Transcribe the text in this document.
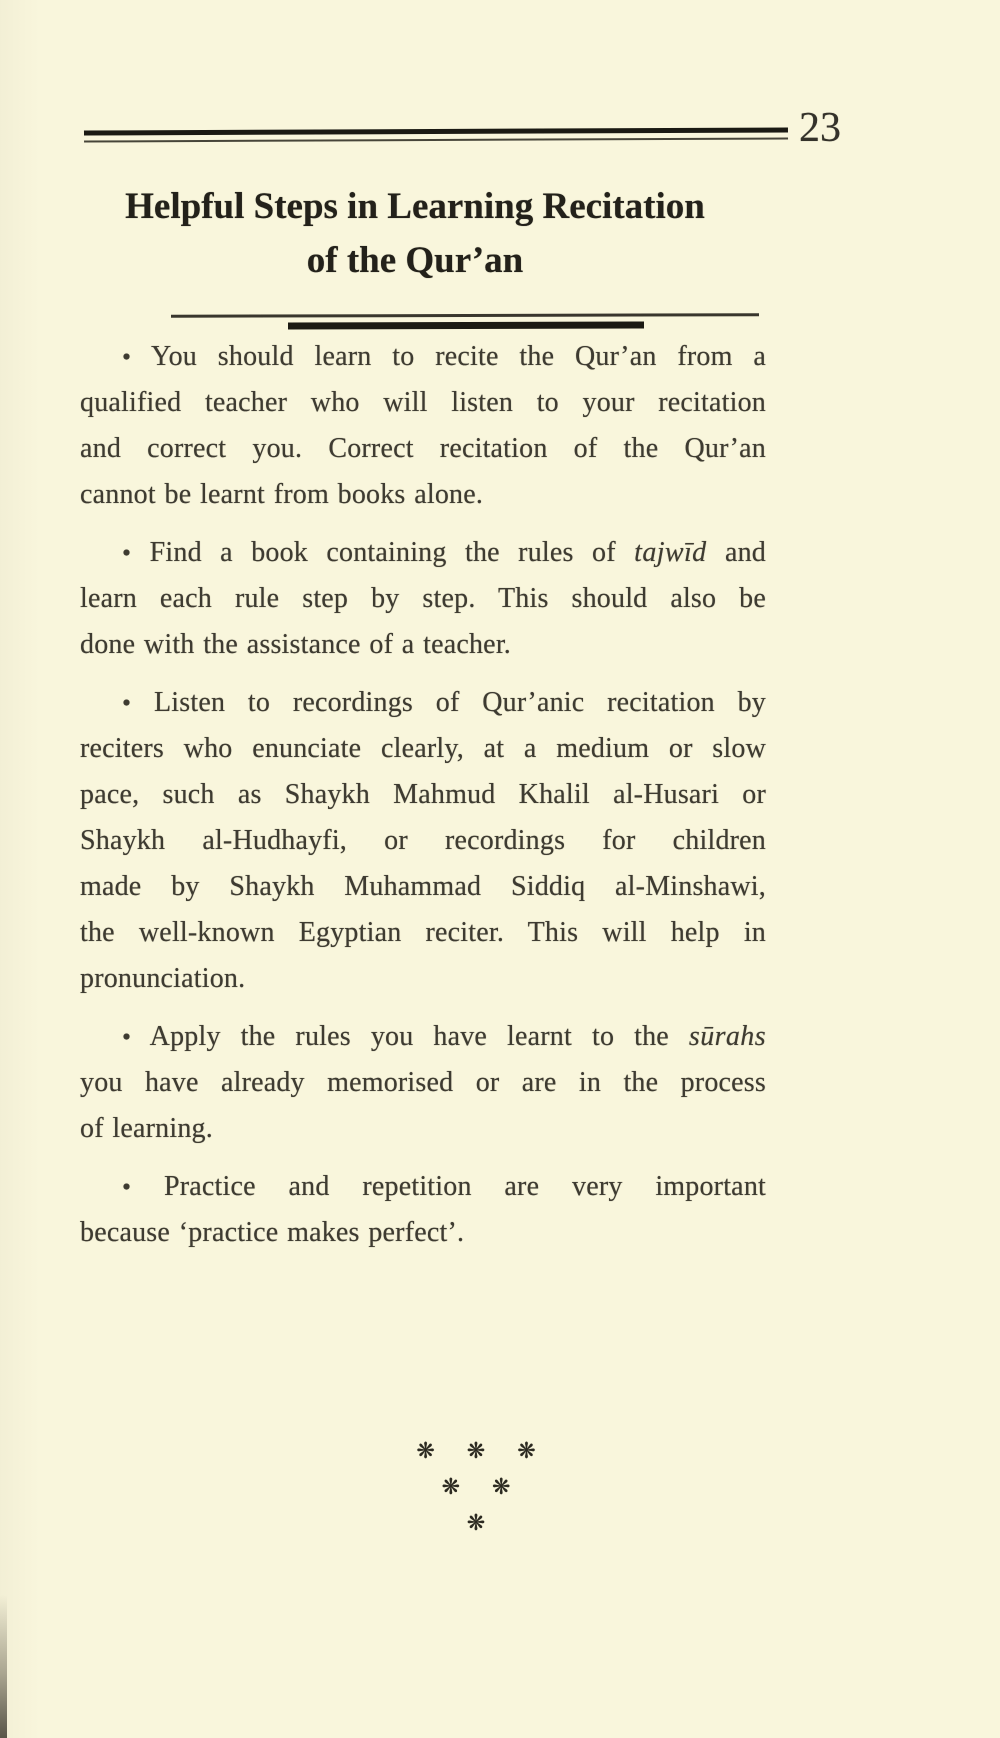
23
Helpful Steps in Learning Recitation
of the Qur’an
• You should learn to recite the Qur’an from a
qualified teacher who will listen to your recitation
and correct you. Correct recitation of the Qur’an
cannot be learnt from books alone.
• Find a book containing the rules of tajwīd and
learn each rule step by step. This should also be
done with the assistance of a teacher.
• Listen to recordings of Qur’anic recitation by
reciters who enunciate clearly, at a medium or slow
pace, such as Shaykh Mahmud Khalil al-Husari or
Shaykh al-Hudhayfi, or recordings for children
made by Shaykh Muhammad Siddiq al-Minshawi,
the well-known Egyptian reciter. This will help in
pronunciation.
• Apply the rules you have learnt to the sūrahs
you have already memorised or are in the process
of learning.
• Practice and repetition are very important
because ‘practice makes perfect’.
❋ ❋ ❋
❋ ❋
❋
